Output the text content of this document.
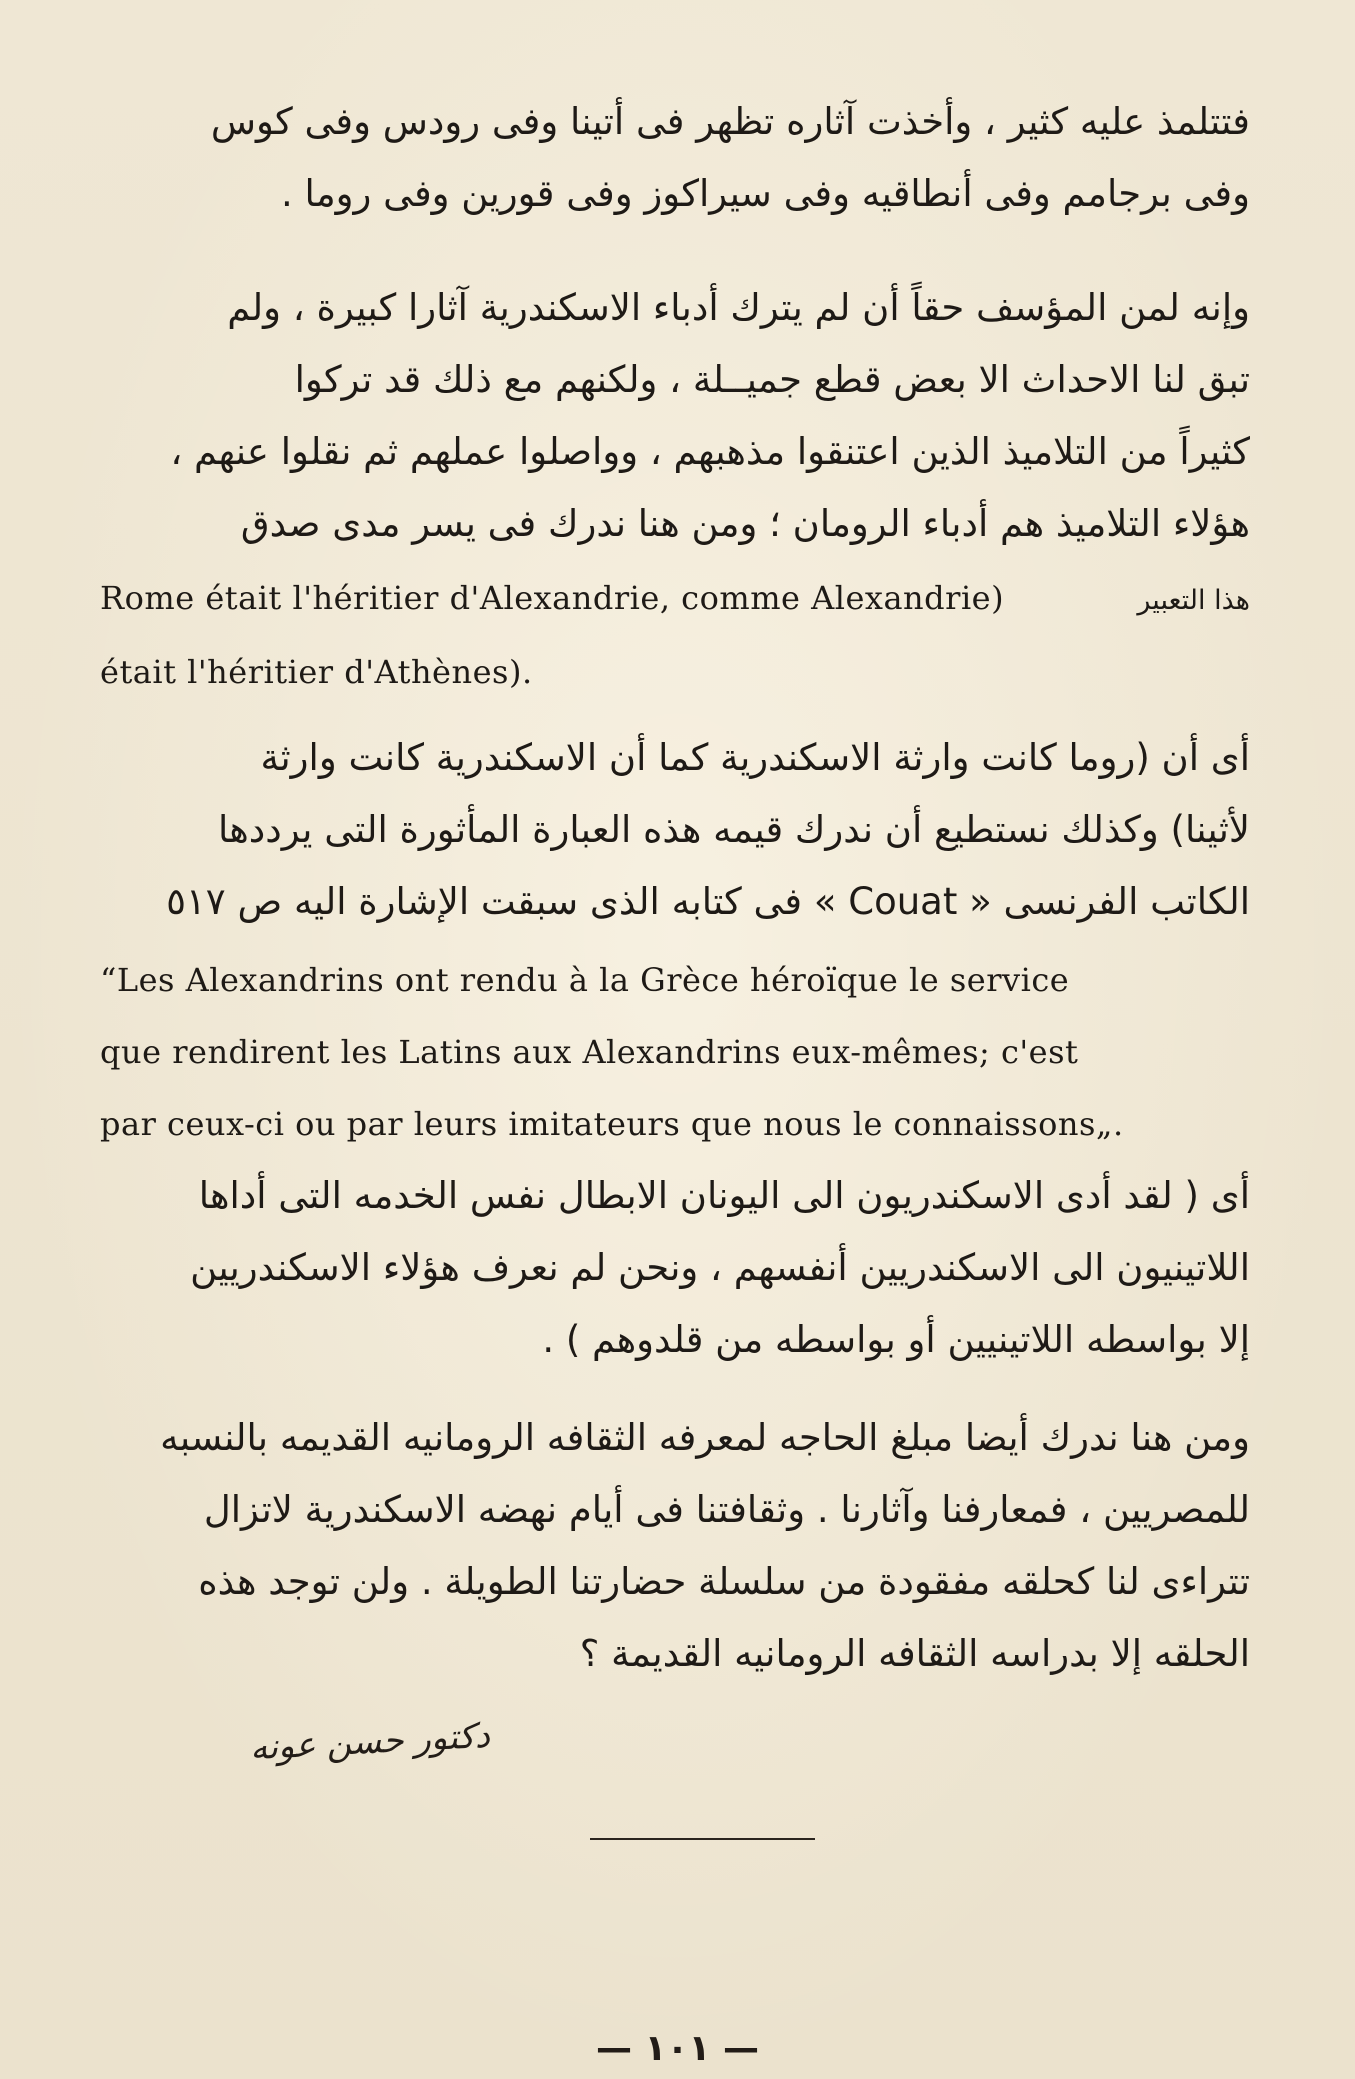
فتتلمذ عليه كثير ، وأخذت آثاره تظهر فى أتينا وفى رودس وفى كوس
وفى برجامم وفى أنطاقيه وفى سيراكوز وفى قورين وفى روما .
وإنه لمن المؤسف حقاً أن لم يترك أدباء الاسكندرية آثارا كبيرة ، ولم
تبق لنا الاحداث الا بعض قطع جميــلة ، ولكنهم مع ذلك قد تركوا
كثيراً من التلاميذ الذين اعتنقوا مذهبهم ، وواصلوا عملهم ثم نقلوا عنهم ،
هؤلاء التلاميذ هم أدباء الرومان ؛ ومن هنا ندرك فى يسر مدى صدق
Rome était l'héritier d'Alexandrie, comme Alexandrie)	هذا التعبير
était l'héritier d'Athènes).
أى أن (روما كانت وارثة الاسكندرية كما أن الاسكندرية كانت وارثة
لأثينا) وكذلك نستطيع أن ندرك قيمه هذه العبارة المأثورة التى يرددها
الكاتب الفرنسى « Couat » فى كتابه الذى سبقت الإشارة اليه ص ٥١٧
“Les Alexandrins ont rendu à la Grèce héroïque le service
que rendirent les Latins aux Alexandrins eux-mêmes; c'est
par ceux-ci ou par leurs imitateurs que nous le connaissons„.
أى ( لقد أدى الاسكندريون الى اليونان الابطال نفس الخدمه التى أداها
اللاتينيون الى الاسكندريين أنفسهم ، ونحن لم نعرف هؤلاء الاسكندريين
إلا بواسطه اللاتينيين أو بواسطه من قلدوهم ) .
ومن هنا ندرك أيضا مبلغ الحاجه لمعرفه الثقافه الرومانيه القديمه بالنسبه
للمصريين ، فمعارفنا وآثارنا . وثقافتنا فى أيام نهضه الاسكندرية لاتزال
تتراءى لنا كحلقه مفقودة من سلسلة حضارتنا الطويلة . ولن توجد هذه
الحلقه إلا بدراسه الثقافه الرومانيه القديمة ؟
دكتور حسن عونه
— ١٠١ —
